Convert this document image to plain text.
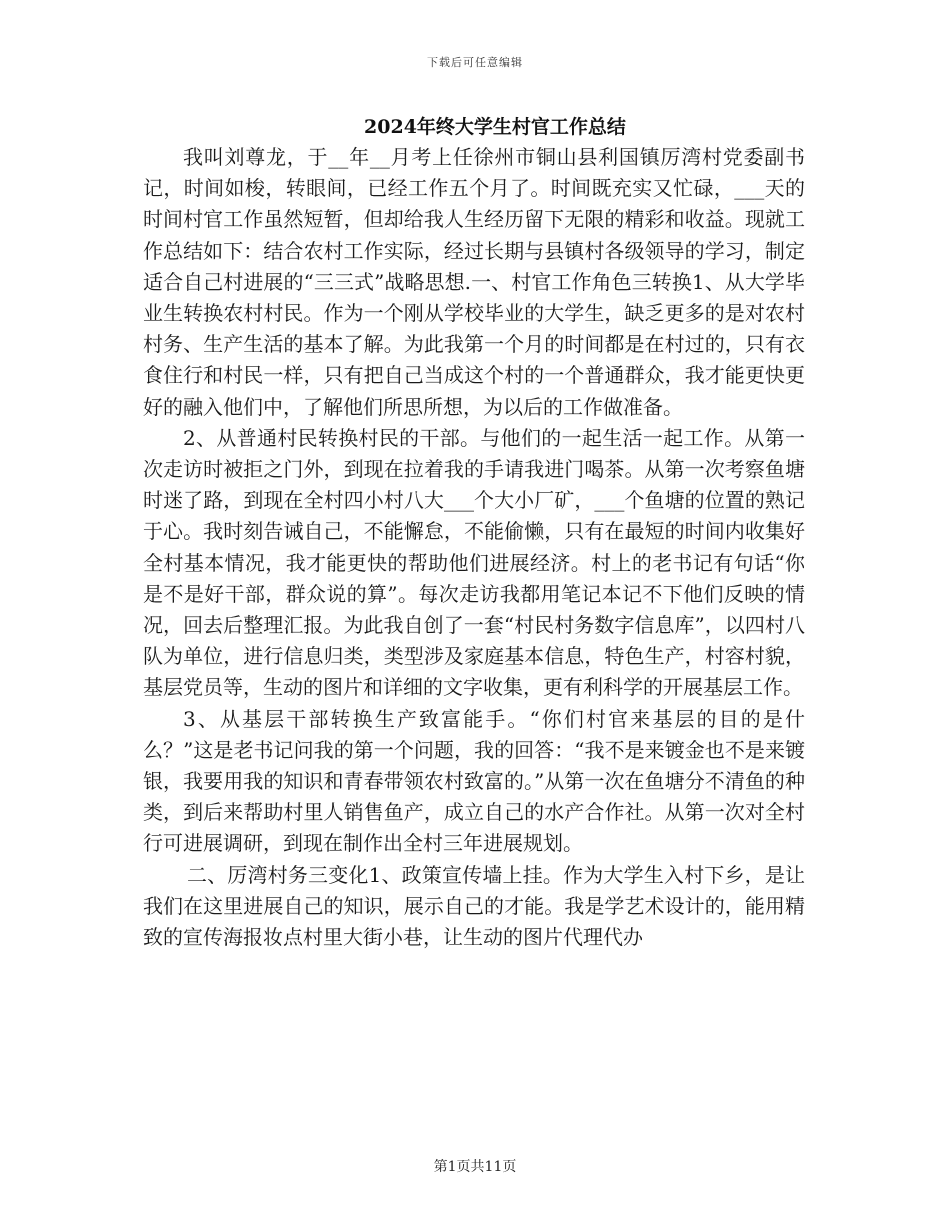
下载后可任意编辑
2024年终大学生村官工作总结

我叫刘尊龙，于__年__月考上任徐州市铜山县利国镇厉湾村党委副书记，时间如梭，转眼间，已经工作五个月了。时间既充实又忙碌，___天的时间村官工作虽然短暂，但却给我人生经历留下无限的精彩和收益。现就工作总结如下：结合农村工作实际，经过长期与县镇村各级领导的学习，制定适合自己村进展的“三三式”战略思想.一、村官工作角色三转换1、从大学毕业生转换农村村民。作为一个刚从学校毕业的大学生，缺乏更多的是对农村村务、生产生活的基本了解。为此我第一个月的时间都是在村过的，只有衣食住行和村民一样，只有把自己当成这个村的一个普通群众，我才能更快更好的融入他们中，了解他们所思所想，为以后的工作做准备。

2、从普通村民转换村民的干部。与他们的一起生活一起工作。从第一次走访时被拒之门外，到现在拉着我的手请我进门喝茶。从第一次考察鱼塘时迷了路，到现在全村四小村八大___个大小厂矿，___个鱼塘的位置的熟记于心。我时刻告诫自己，不能懈怠，不能偷懒，只有在最短的时间内收集好全村基本情况，我才能更快的帮助他们进展经济。村上的老书记有句话“你是不是好干部，群众说的算”。每次走访我都用笔记本记不下他们反映的情况，回去后整理汇报。为此我自创了一套“村民村务数字信息库”，以四村八队为单位，进行信息归类，类型涉及家庭基本信息，特色生产，村容村貌，基层党员等，生动的图片和详细的文字收集，更有利科学的开展基层工作。

3、从基层干部转换生产致富能手。“你们村官来基层的目的是什么？”这是老书记问我的第一个问题，我的回答：“我不是来镀金也不是来镀银，我要用我的知识和青春带领农村致富的。”从第一次在鱼塘分不清鱼的种类，到后来帮助村里人销售鱼产，成立自己的水产合作社。从第一次对全村行可进展调研，到现在制作出全村三年进展规划。

二、厉湾村务三变化1、政策宣传墙上挂。作为大学生入村下乡，是让我们在这里进展自己的知识，展示自己的才能。我是学艺术设计的，能用精致的宣传海报妆点村里大街小巷，让生动的图片代理代办

第1页共11页
